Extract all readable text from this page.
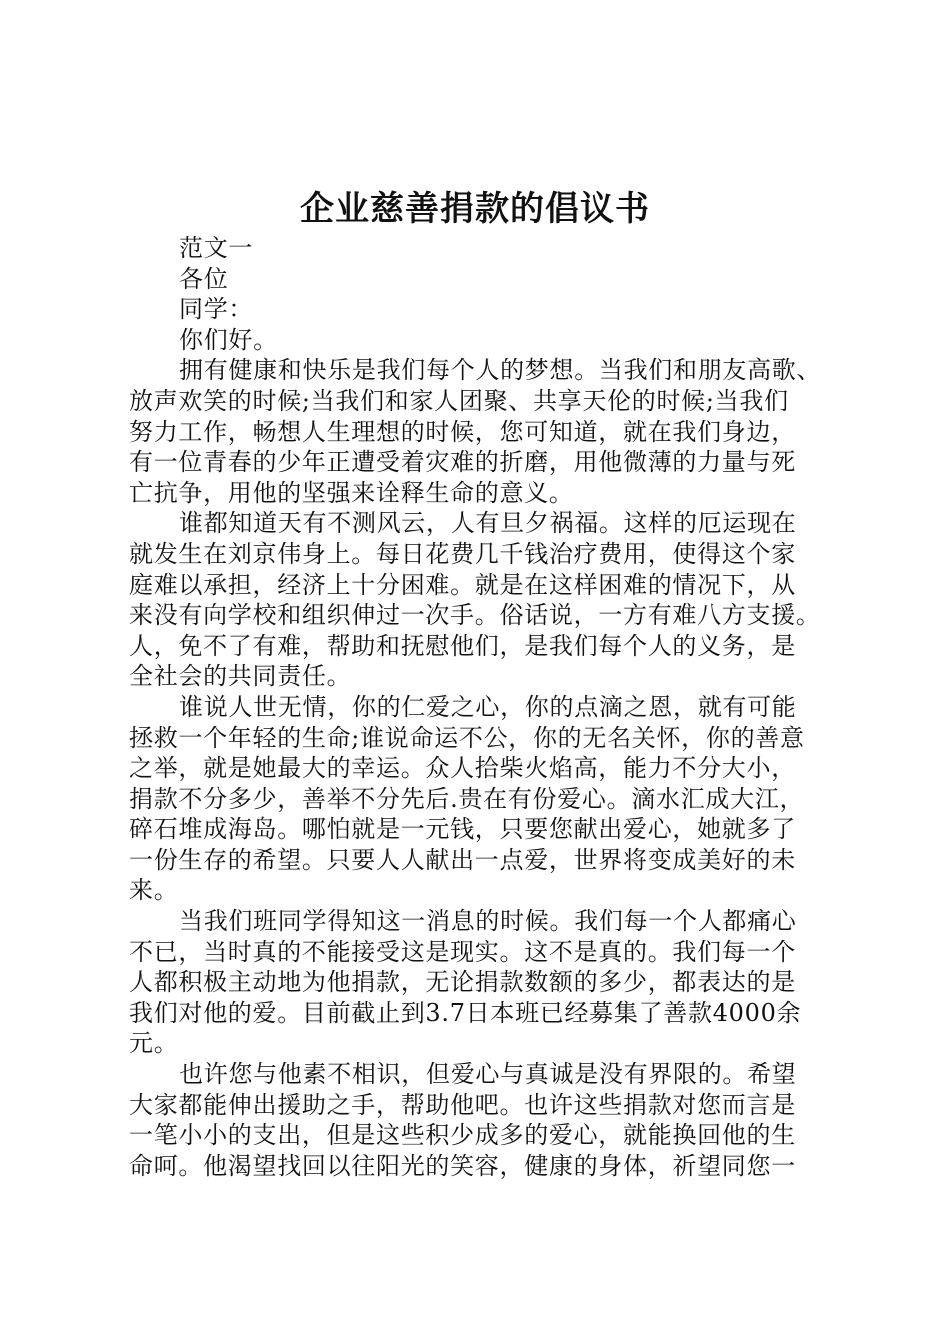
企业慈善捐款的倡议书
范文一
各位
同学：
你们好。
拥有健康和快乐是我们每个人的梦想。当我们和朋友高歌、
放声欢笑的时候;当我们和家人团聚、共享天伦的时候;当我们
努力工作，畅想人生理想的时候，您可知道，就在我们身边，
有一位青春的少年正遭受着灾难的折磨，用他微薄的力量与死
亡抗争，用他的坚强来诠释生命的意义。
谁都知道天有不测风云，人有旦夕祸福。这样的厄运现在
就发生在刘京伟身上。每日花费几千钱治疗费用，使得这个家
庭难以承担，经济上十分困难。就是在这样困难的情况下，从
来没有向学校和组织伸过一次手。俗话说，一方有难八方支援。
人，免不了有难，帮助和抚慰他们，是我们每个人的义务，是
全社会的共同责任。
谁说人世无情，你的仁爱之心，你的点滴之恩，就有可能
拯救一个年轻的生命;谁说命运不公，你的无名关怀，你的善意
之举，就是她最大的幸运。众人拾柴火焰高，能力不分大小，
捐款不分多少，善举不分先后.贵在有份爱心。滴水汇成大江，
碎石堆成海岛。哪怕就是一元钱，只要您献出爱心，她就多了
一份生存的希望。只要人人献出一点爱，世界将变成美好的未
来。
当我们班同学得知这一消息的时候。我们每一个人都痛心
不已，当时真的不能接受这是现实。这不是真的。我们每一个
人都积极主动地为他捐款，无论捐款数额的多少，都表达的是
我们对他的爱。目前截止到3.7日本班已经募集了善款4000余
元。
也许您与他素不相识，但爱心与真诚是没有界限的。希望
大家都能伸出援助之手，帮助他吧。也许这些捐款对您而言是
一笔小小的支出，但是这些积少成多的爱心，就能换回他的生
命呵。他渴望找回以往阳光的笑容，健康的身体，祈望同您一
